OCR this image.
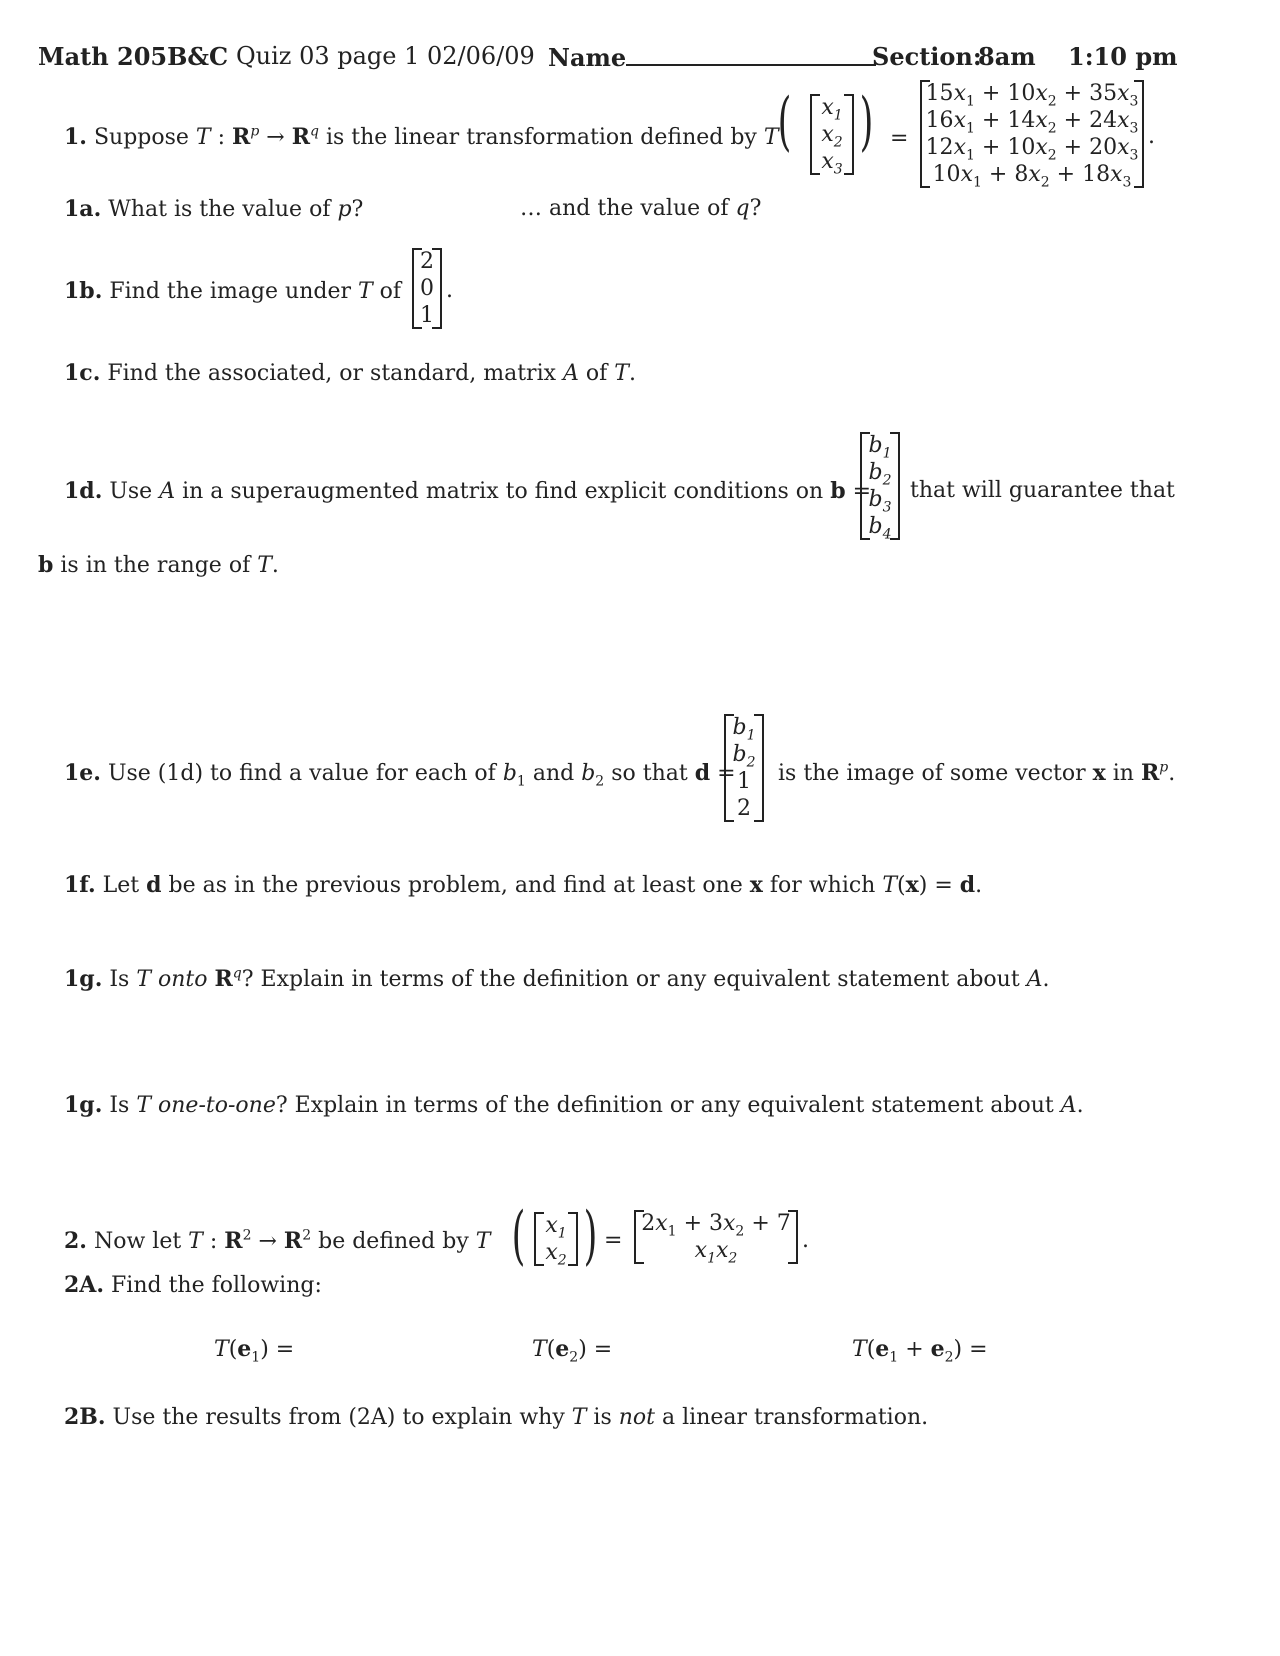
Math 205B&C Quiz 03 page 1 02/06/09 Name	Section:
8am 1:10 pm
1. Suppose T : $R^p \to R^q$ is the linear transformation defined by T (	$x_1$
$x_2$
$x_3$
) =
$15x_1 + 10x_2 + 35x_3$
$16x_1 + 14x_2 + 24x_3$
$12x_1 + 10x_2 + 20x_3$
$10x_1 + 8x_2 + 18x_3$
.
1a. What is the value of p?	… and the value of q?
1b. Find the image under T of
2
0
1
.
1c. Find the associated, or standard, matrix A of T.
1d. Use A in a superaugmented matrix to find explicit conditions on b =
$b_1$
$b_2$
$b_3$
$b_4$
that will guarantee that
b is in the range of T.
1e. Use (1d) to find a value for each of $b_1$ and $b_2$ so that d =
$b_1$
$b_2$
1
2
is the image of some vector x in $R^p$.
1f. Let d be as in the previous problem, and find at least one x for which T(x) = d.
1g. Is T onto $R^q$? Explain in terms of the definition or any equivalent statement about A.
1g. Is T one-to-one? Explain in terms of the definition or any equivalent statement about A.
2. Now let T : $R^2 \to R^2$ be defined by T ( $x_1$
$x_2$ ) =
$2x_1 + 3x_2 + 7$
$x_1x_2$
.
2A. Find the following:
$T(e_1)$ =	$T(e_2)$ =	$T(e_1 + e_2)$ =
2B. Use the results from (2A) to explain why T is not a linear transformation.
